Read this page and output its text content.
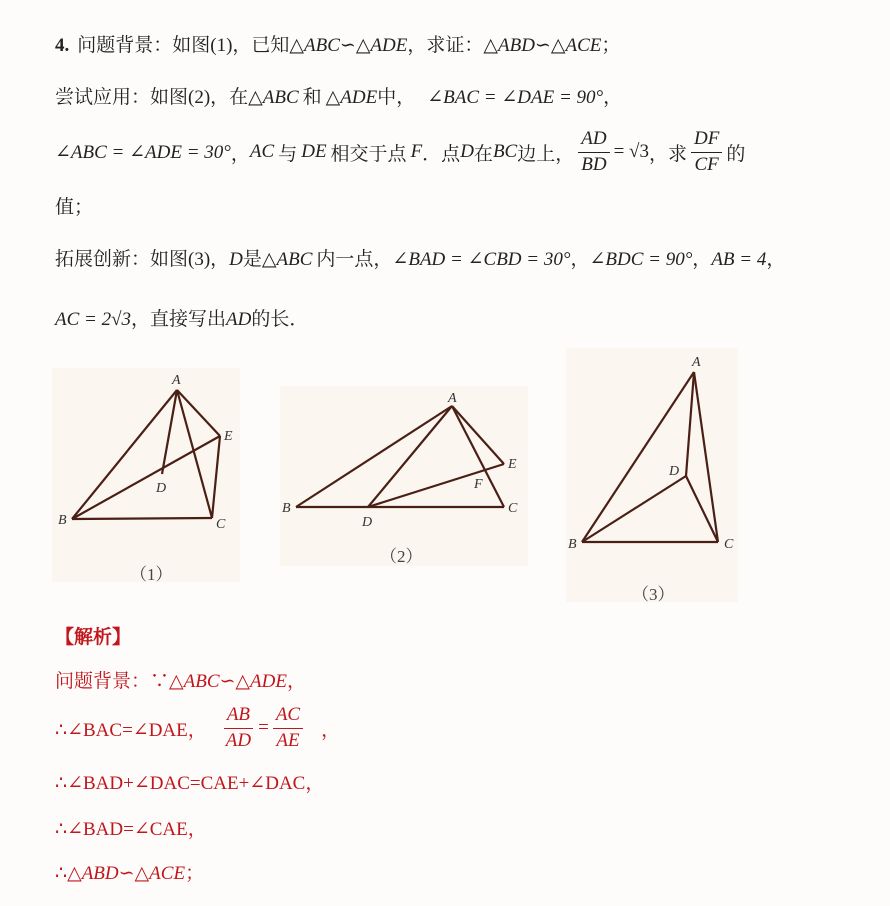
4. 问题背景：如图(1)，已知△ABC∽△ADE，求证：△ABD∽△ACE；
尝试应用：如图(2)，在△ABC 和 △ADE中， ∠BAC = ∠DAE = 90°，
∠ABC = ∠ADE = 30° ， AC 与 DE 相交于点 F ．点 D 在 BC 边上， $\frac{AD}{BD} = √3$ ，求 $\frac{DF}{CF}$ 的
值；
拓展创新：如图(3)，D是△ABC 内一点，∠BAD = ∠CBD = 30°，∠BDC = 90°，AB = 4，
AC = 2√3，直接写出AD的长．
A
B	C
D
E
（1）
A
B	C
D
E
F
（2）
A
B	C
D
（3）
【解析】
问题背景：∵△ABC∽△ADE，
∴∠BAC=∠DAE， $\frac{AB}{AD} = \frac{AC}{AE}$ ，
∴∠BAD+∠DAC=CAE+∠DAC，
∴∠BAD=∠CAE，
∴△ABD∽△ACE；
